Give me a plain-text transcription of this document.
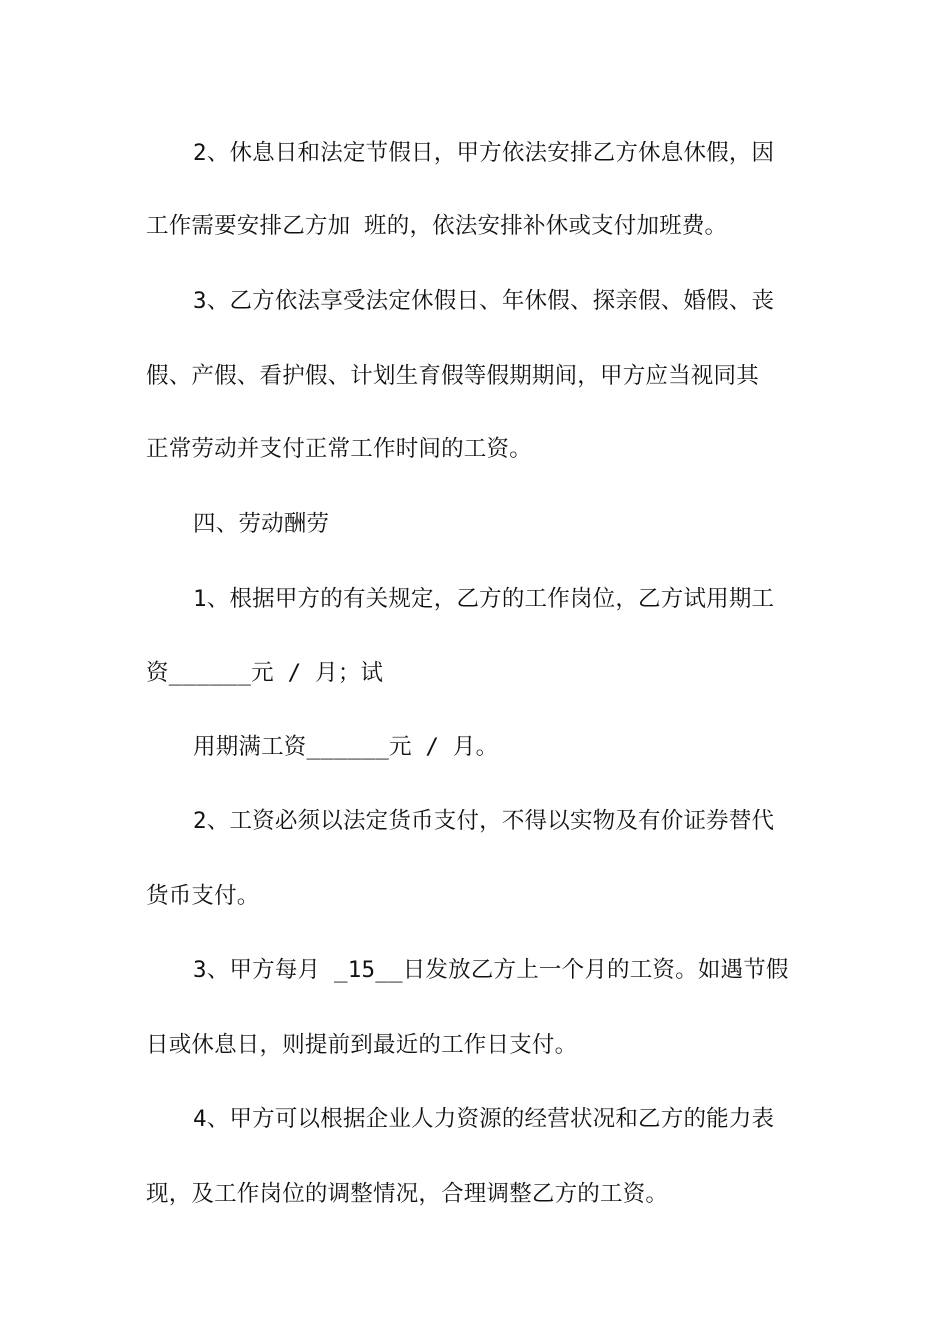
2、休息日和法定节假日，甲方依法安排乙方休息休假，因
工作需要安排乙方加 班的，依法安排补休或支付加班费。
3、乙方依法享受法定休假日、年休假、探亲假、婚假、丧
假、产假、看护假、计划生育假等假期期间，甲方应当视同其
正常劳动并支付正常工作时间的工资。
四、劳动酬劳
1、根据甲方的有关规定，乙方的工作岗位，乙方试用期工
资______元 / 月；试
用期满工资______元 / 月。
2、工资必须以法定货币支付，不得以实物及有价证券替代
货币支付。
3、甲方每月 _15__日发放乙方上一个月的工资。如遇节假
日或休息日，则提前到最近的工作日支付。
4、甲方可以根据企业人力资源的经营状况和乙方的能力表
现，及工作岗位的调整情况，合理调整乙方的工资。
